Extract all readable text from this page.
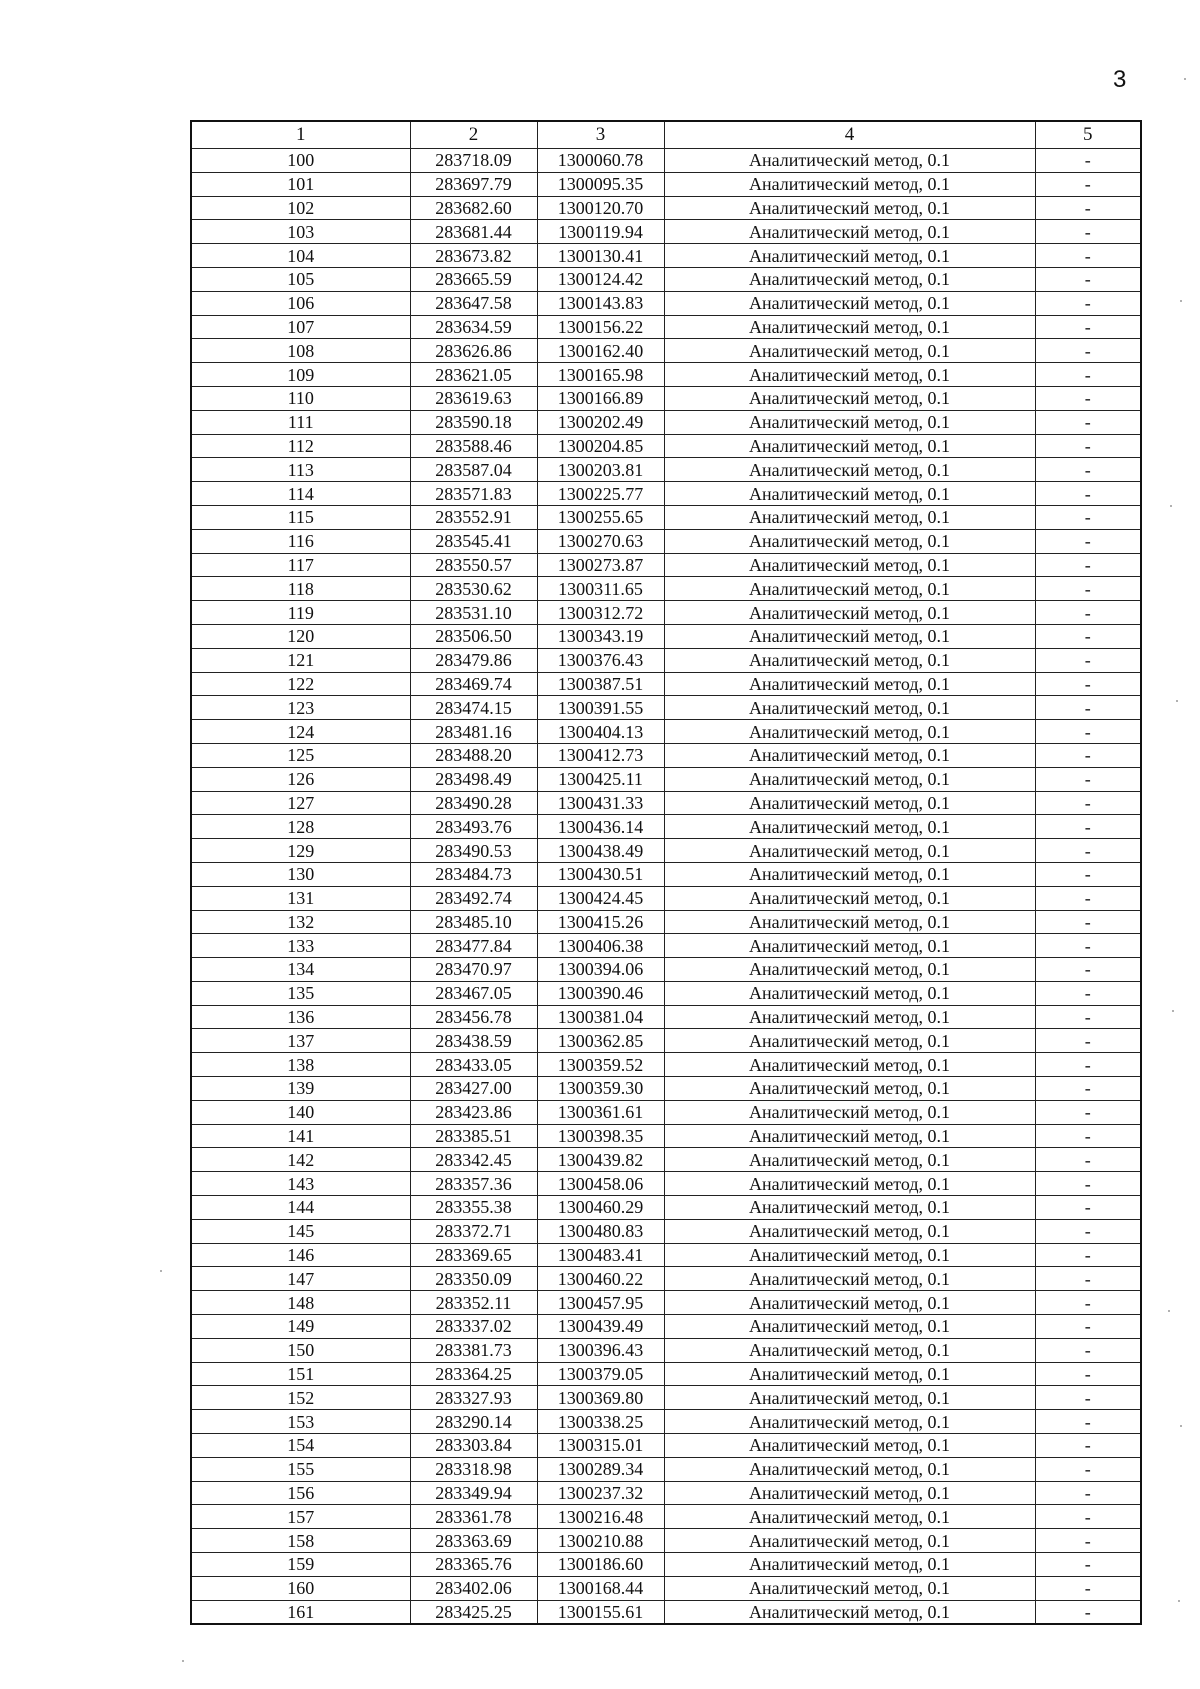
3
1	2	3	4	5
100	283718.09	1300060.78	Аналитический метод, 0.1	-
101	283697.79	1300095.35	Аналитический метод, 0.1	-
102	283682.60	1300120.70	Аналитический метод, 0.1	-
103	283681.44	1300119.94	Аналитический метод, 0.1	-
104	283673.82	1300130.41	Аналитический метод, 0.1	-
105	283665.59	1300124.42	Аналитический метод, 0.1	-
106	283647.58	1300143.83	Аналитический метод, 0.1	-
107	283634.59	1300156.22	Аналитический метод, 0.1	-
108	283626.86	1300162.40	Аналитический метод, 0.1	-
109	283621.05	1300165.98	Аналитический метод, 0.1	-
110	283619.63	1300166.89	Аналитический метод, 0.1	-
111	283590.18	1300202.49	Аналитический метод, 0.1	-
112	283588.46	1300204.85	Аналитический метод, 0.1	-
113	283587.04	1300203.81	Аналитический метод, 0.1	-
114	283571.83	1300225.77	Аналитический метод, 0.1	-
115	283552.91	1300255.65	Аналитический метод, 0.1	-
116	283545.41	1300270.63	Аналитический метод, 0.1	-
117	283550.57	1300273.87	Аналитический метод, 0.1	-
118	283530.62	1300311.65	Аналитический метод, 0.1	-
119	283531.10	1300312.72	Аналитический метод, 0.1	-
120	283506.50	1300343.19	Аналитический метод, 0.1	-
121	283479.86	1300376.43	Аналитический метод, 0.1	-
122	283469.74	1300387.51	Аналитический метод, 0.1	-
123	283474.15	1300391.55	Аналитический метод, 0.1	-
124	283481.16	1300404.13	Аналитический метод, 0.1	-
125	283488.20	1300412.73	Аналитический метод, 0.1	-
126	283498.49	1300425.11	Аналитический метод, 0.1	-
127	283490.28	1300431.33	Аналитический метод, 0.1	-
128	283493.76	1300436.14	Аналитический метод, 0.1	-
129	283490.53	1300438.49	Аналитический метод, 0.1	-
130	283484.73	1300430.51	Аналитический метод, 0.1	-
131	283492.74	1300424.45	Аналитический метод, 0.1	-
132	283485.10	1300415.26	Аналитический метод, 0.1	-
133	283477.84	1300406.38	Аналитический метод, 0.1	-
134	283470.97	1300394.06	Аналитический метод, 0.1	-
135	283467.05	1300390.46	Аналитический метод, 0.1	-
136	283456.78	1300381.04	Аналитический метод, 0.1	-
137	283438.59	1300362.85	Аналитический метод, 0.1	-
138	283433.05	1300359.52	Аналитический метод, 0.1	-
139	283427.00	1300359.30	Аналитический метод, 0.1	-
140	283423.86	1300361.61	Аналитический метод, 0.1	-
141	283385.51	1300398.35	Аналитический метод, 0.1	-
142	283342.45	1300439.82	Аналитический метод, 0.1	-
143	283357.36	1300458.06	Аналитический метод, 0.1	-
144	283355.38	1300460.29	Аналитический метод, 0.1	-
145	283372.71	1300480.83	Аналитический метод, 0.1	-
146	283369.65	1300483.41	Аналитический метод, 0.1	-
147	283350.09	1300460.22	Аналитический метод, 0.1	-
148	283352.11	1300457.95	Аналитический метод, 0.1	-
149	283337.02	1300439.49	Аналитический метод, 0.1	-
150	283381.73	1300396.43	Аналитический метод, 0.1	-
151	283364.25	1300379.05	Аналитический метод, 0.1	-
152	283327.93	1300369.80	Аналитический метод, 0.1	-
153	283290.14	1300338.25	Аналитический метод, 0.1	-
154	283303.84	1300315.01	Аналитический метод, 0.1	-
155	283318.98	1300289.34	Аналитический метод, 0.1	-
156	283349.94	1300237.32	Аналитический метод, 0.1	-
157	283361.78	1300216.48	Аналитический метод, 0.1	-
158	283363.69	1300210.88	Аналитический метод, 0.1	-
159	283365.76	1300186.60	Аналитический метод, 0.1	-
160	283402.06	1300168.44	Аналитический метод, 0.1	-
161	283425.25	1300155.61	Аналитический метод, 0.1	-
